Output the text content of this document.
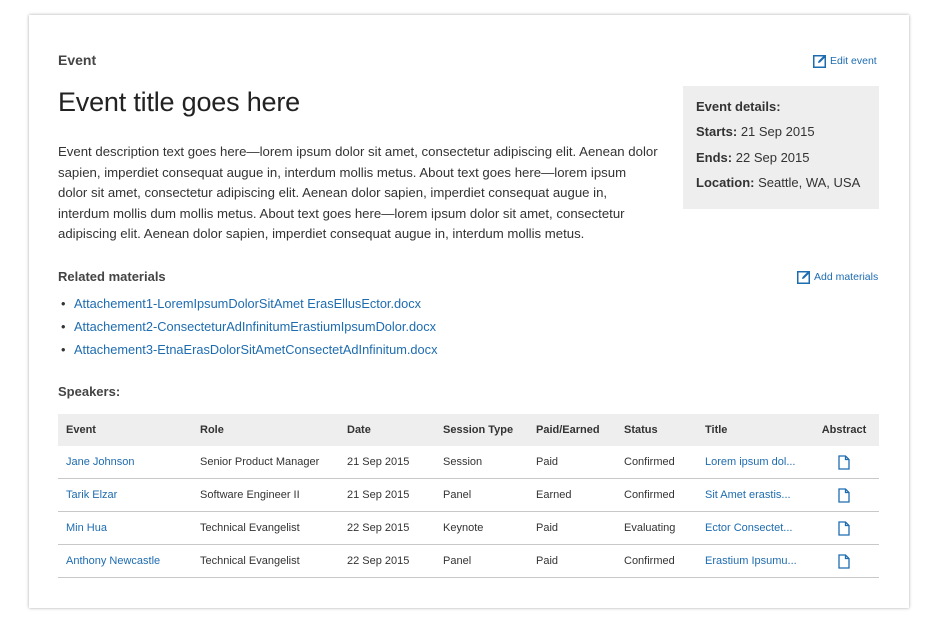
Event	Edit event
Event title goes here
Event description text goes here—lorem ipsum dolor sit amet, consectetur adipiscing elit. Aenean dolor sapien, imperdiet consequat augue in, interdum mollis metus. About text goes here—lorem ipsum dolor sit amet, consectetur adipiscing elit. Aenean dolor sapien, imperdiet consequat augue in, interdum mollis dum mollis metus. About text goes here—lorem ipsum dolor sit amet, consectetur adipiscing elit. Aenean dolor sapien, imperdiet consequat augue in, interdum mollis metus.
Event details:
Starts: 21 Sep 2015
Ends: 22 Sep 2015
Location: Seattle, WA, USA
Related materials	Add materials
• Attachement1-LoremIpsumDolorSitAmet ErasEllusEctor.docx
• Attachement2-ConsecteturAdInfinitumErastiumIpsumDolor.docx
• Attachement3-EtnaErasDolorSitAmetConsectetAdInfinitum.docx
Speakers:
Event	Role	Date	Session Type	Paid/Earned	Status	Title	Abstract
Jane Johnson	Senior Product Manager	21 Sep 2015	Session	Paid	Confirmed	Lorem ipsum dol...	
Tarik Elzar	Software Engineer II	21 Sep 2015	Panel	Earned	Confirmed	Sit Amet erastis...	
Min Hua	Technical Evangelist	22 Sep 2015	Keynote	Paid	Evaluating	Ector Consectet...	
Anthony Newcastle	Technical Evangelist	22 Sep 2015	Panel	Paid	Confirmed	Erastium Ipsumu...	
